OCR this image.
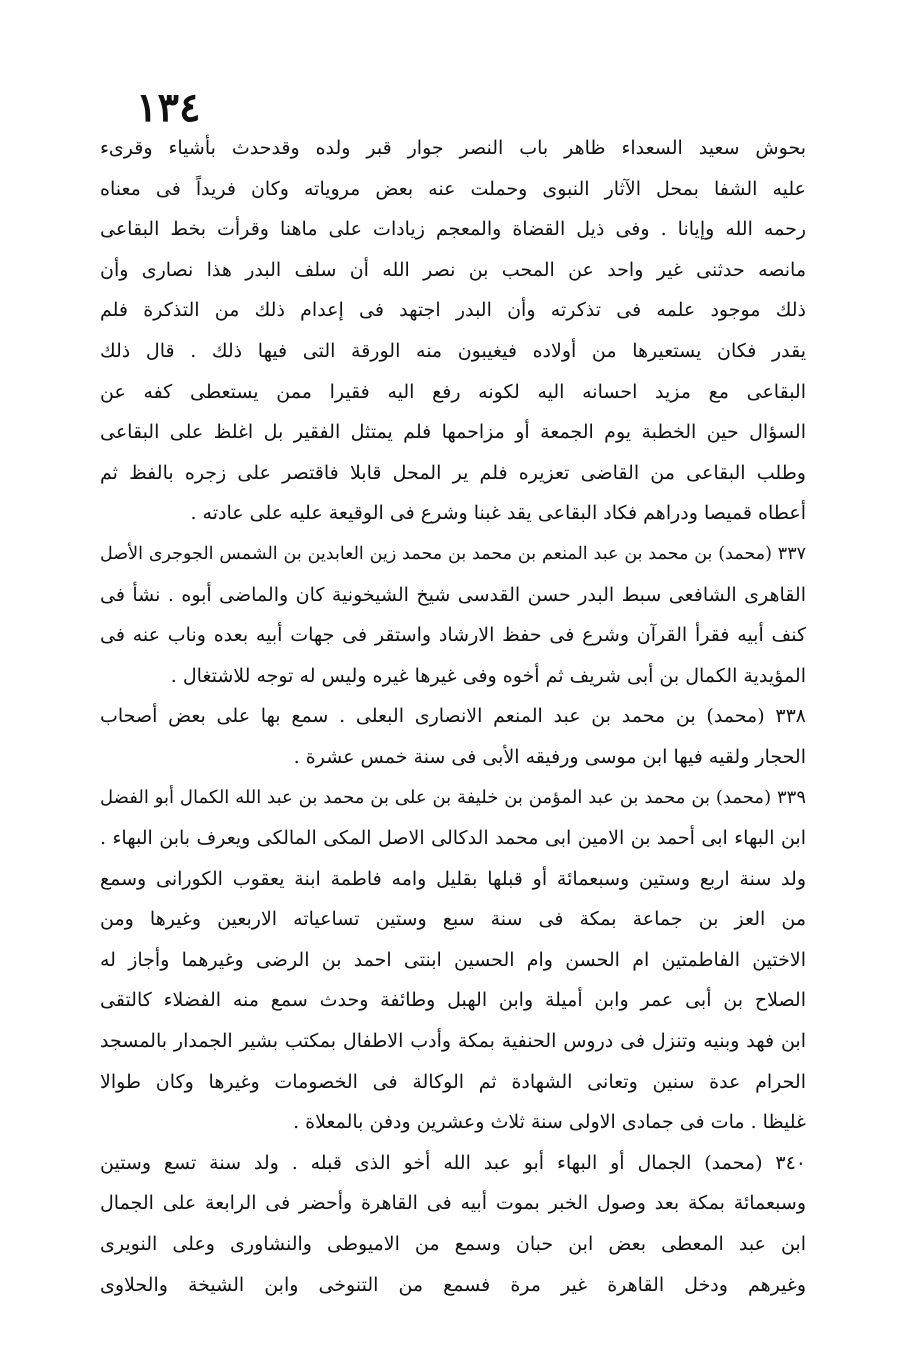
١٣٤
بحوش سعيد السعداء ظاهر باب النصر جوار قبر ولده وقدحدث بأشياء وقرىء
عليه الشفا بمحل الآثار النبوى وحملت عنه بعض مروياته وكان فريداً فى معناه
رحمه الله وإيانا . وفى ذيل القضاة والمعجم زيادات على ماهنا وقرأت بخط البقاعى
مانصه حدثنى غير واحد عن المحب بن نصر الله أن سلف البدر هذا نصارى وأن
ذلك موجود علمه فى تذكرته وأن البدر اجتهد فى إعدام ذلك من التذكرة فلم
يقدر فكان يستعيرها من أولاده فيغيبون منه الورقة التى فيها ذلك . قال ذلك
البقاعى مع مزيد احسانه اليه لكونه رفع اليه فقيرا ممن يستعطى كفه عن
السؤال حين الخطبة يوم الجمعة أو مزاحمها فلم يمتثل الفقير بل اغلظ على البقاعى
وطلب البقاعى من القاضى تعزيره فلم ير المحل قابلا فاقتصر على زجره بالفظ ثم
أعطاه قميصا ودراهم فكاد البقاعى يقد غبنا وشرع فى الوقيعة عليه على عادته .
٣٣٧ (محمد) بن محمد بن عبد المنعم بن محمد بن محمد زين العابدين بن الشمس الجوجرى الأصل
القاهرى الشافعى سبط البدر حسن القدسى شيخ الشيخونية كان والماضى أبوه . نشأ فى
كنف أبيه فقرأ القرآن وشرع فى حفظ الارشاد واستقر فى جهات أبيه بعده وناب عنه فى
المؤيدية الكمال بن أبى شريف ثم أخوه وفى غيرها غيره وليس له توجه للاشتغال .
٣٣٨ (محمد) بن محمد بن عبد المنعم الانصارى البعلى . سمع بها على بعض أصحاب
الحجار ولقيه فيها ابن موسى ورفيقه الأبى فى سنة خمس عشرة .
٣٣٩ (محمد) بن محمد بن عبد المؤمن بن خليفة بن على بن محمد بن عبد الله الكمال أبو الفضل
ابن البهاء ابى أحمد بن الامين ابى محمد الدكالى الاصل المكى المالكى ويعرف بابن البهاء .
ولد سنة اربع وستين وسبعمائة أو قبلها بقليل وامه فاطمة ابنة يعقوب الكورانى وسمع
من العز بن جماعة بمكة فى سنة سبع وستين تساعياته الاربعين وغيرها ومن
الاختين الفاطمتين ام الحسن وام الحسين ابنتى احمد بن الرضى وغيرهما وأجاز له
الصلاح بن أبى عمر وابن أميلة وابن الهبل وطائفة وحدث سمع منه الفضلاء كالتقى
ابن فهد وبنيه وتنزل فى دروس الحنفية بمكة وأدب الاطفال بمكتب بشير الجمدار بالمسجد
الحرام عدة سنين وتعانى الشهادة ثم الوكالة فى الخصومات وغيرها وكان طوالا
غليظا . مات فى جمادى الاولى سنة ثلاث وعشرين ودفن بالمعلاة .
٣٤٠ (محمد) الجمال أو البهاء أبو عبد الله أخو الذى قبله . ولد سنة تسع وستين
وسبعمائة بمكة بعد وصول الخبر بموت أبيه فى القاهرة وأحضر فى الرابعة على الجمال
ابن عبد المعطى بعض ابن حبان وسمع من الاميوطى والنشاورى وعلى النويرى
وغيرهم ودخل القاهرة غير مرة فسمع من التنوخى وابن الشيخة والحلاوى
